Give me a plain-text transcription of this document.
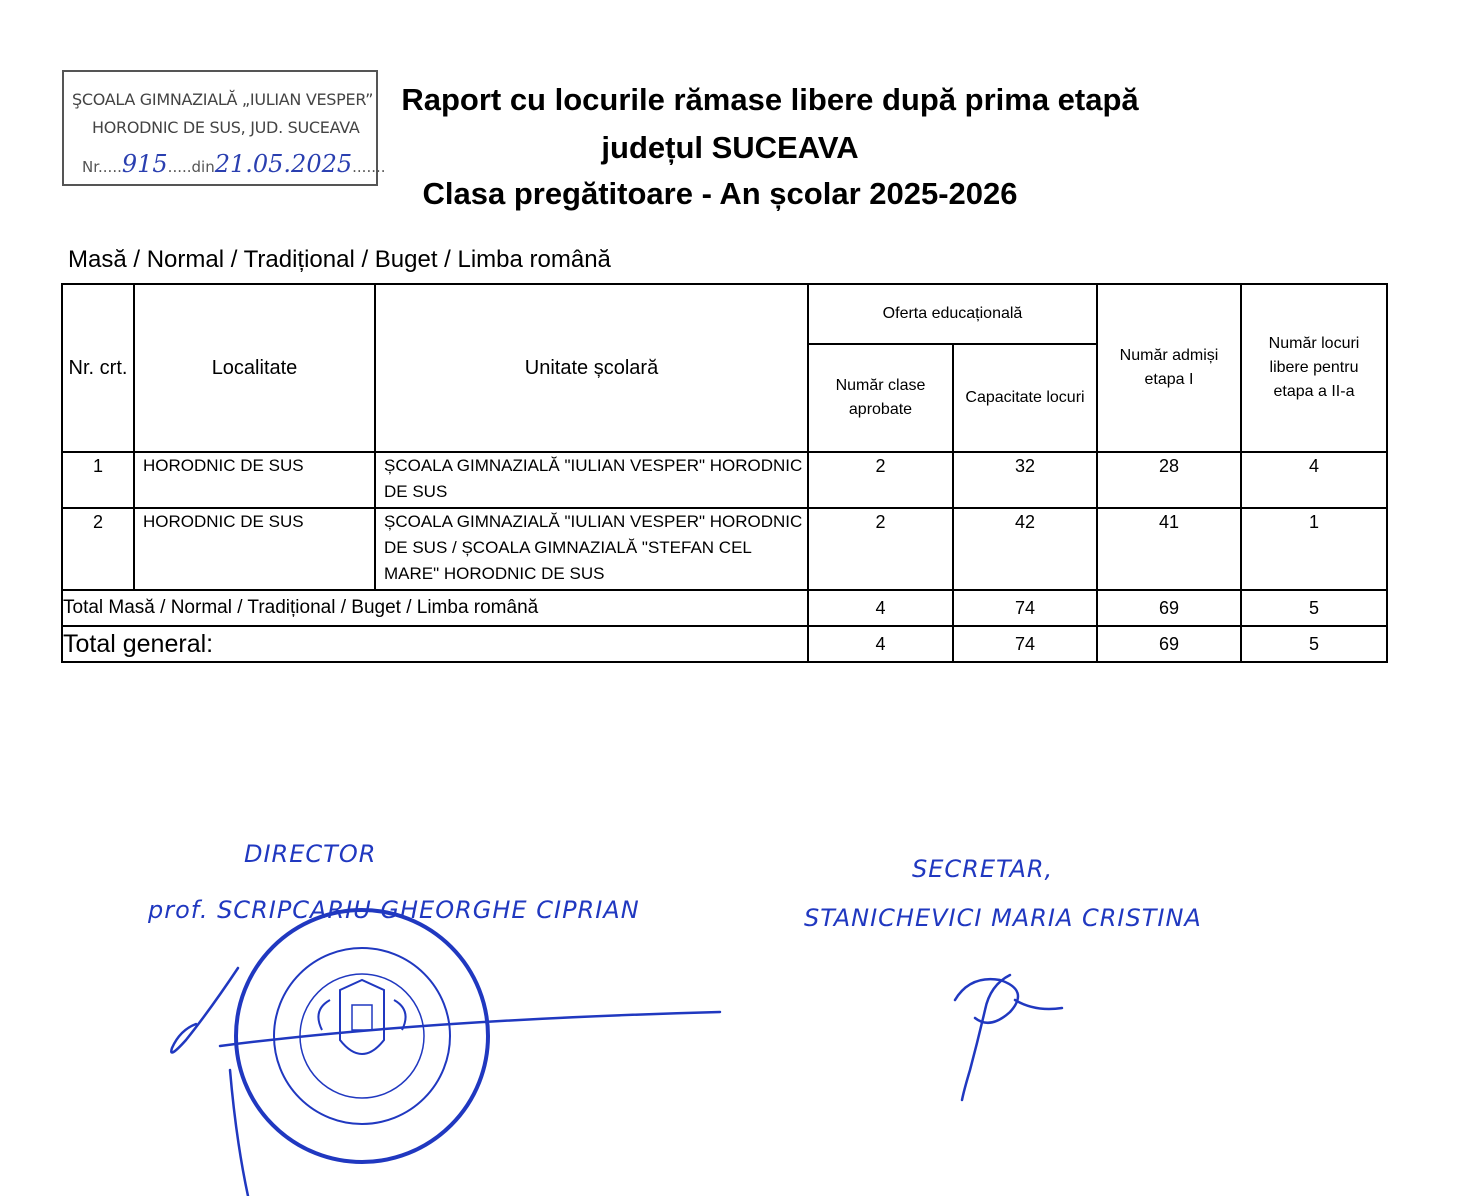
ŞCOALA GIMNAZIALĂ „IULIAN VESPER”
HORODNIC DE SUS, JUD. SUCEAVA
Nr.....915.....din21.05.2025.......
Raport cu locurile rămase libere după prima etapă
județul SUCEAVA
Clasa pregătitoare - An școlar 2025-2026
Masă / Normal / Tradițional / Buget / Limba română
Nr. crt.	Localitate	Unitate școlară	Oferta educațională		Număr admiși etapa I	Număr locuri libere pentru etapa a II-a
			Număr clase aprobate	Capacitate locuri		
1	HORODNIC DE SUS	ȘCOALA GIMNAZIALĂ "IULIAN VESPER" HORODNIC DE SUS	2	32	28	4
2	HORODNIC DE SUS	ȘCOALA GIMNAZIALĂ "IULIAN VESPER" HORODNIC DE SUS / ȘCOALA GIMNAZIALĂ "STEFAN CEL MARE" HORODNIC DE SUS	2	42	41	1
Total Masă / Normal / Tradițional / Buget / Limba română			4	74	69	5
Total general:			4	74	69	5
DIRECTOR
prof. SCRIPCARIU GHEORGHE CIPRIAN
SECRETAR,
STANICHEVICI MARIA CRISTINA
